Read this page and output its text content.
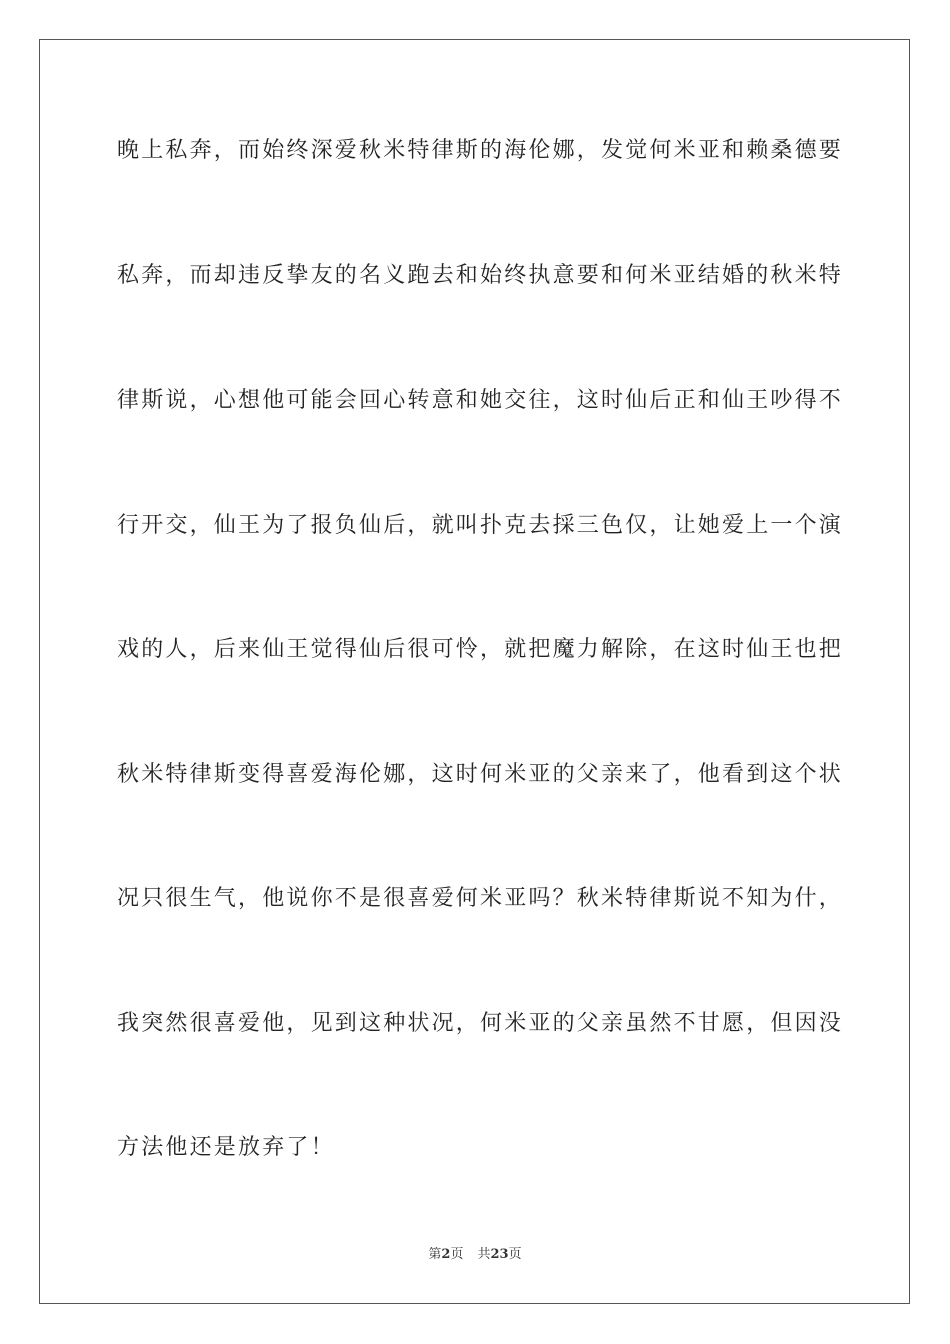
晚上私奔，而始终深爱秋米特律斯的海伦娜，发觉何米亚和赖桑德要
私奔，而却违反挚友的名义跑去和始终执意要和何米亚结婚的秋米特
律斯说，心想他可能会回心转意和她交往，这时仙后正和仙王吵得不
行开交，仙王为了报负仙后，就叫扑克去採三色仅，让她爱上一个演
戏的人，后来仙王觉得仙后很可怜，就把魔力解除，在这时仙王也把
秋米特律斯变得喜爱海伦娜，这时何米亚的父亲来了，他看到这个状
况只很生气，他说你不是很喜爱何米亚吗？秋米特律斯说不知为什，
我突然很喜爱他，见到这种状况，何米亚的父亲虽然不甘愿，但因没
方法他还是放弃了！
第2页 共23页
